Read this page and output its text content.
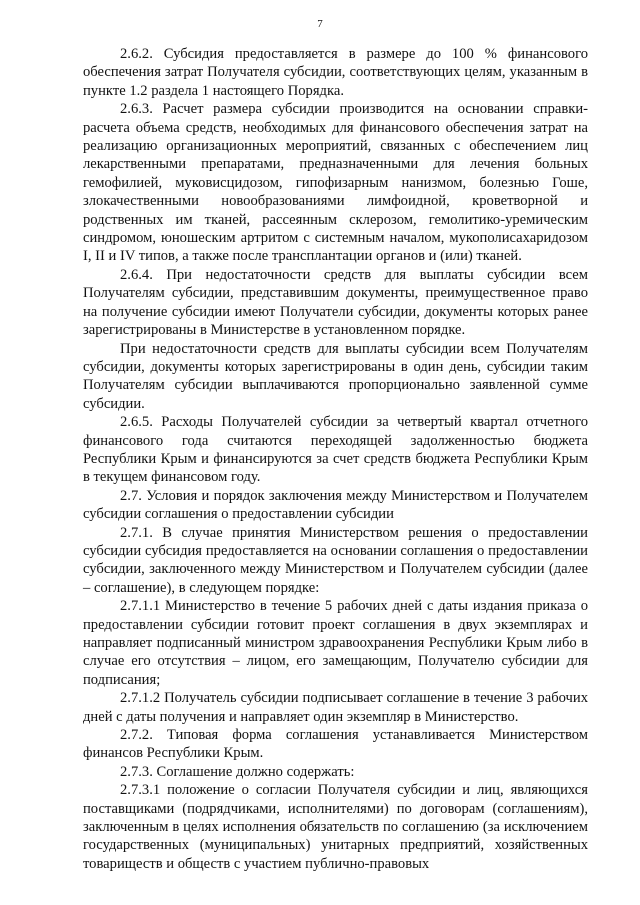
7

2.6.2. Субсидия предоставляется в размере до 100 % финансового обеспечения затрат Получателя субсидии, соответствующих целям, указанным в пункте 1.2 раздела 1 настоящего Порядка.

2.6.3. Расчет размера субсидии производится на основании справки-расчета объема средств, необходимых для финансового обеспечения затрат на реализацию организационных мероприятий, связанных с обеспечением лиц лекарственными препаратами, предназначенными для лечения больных гемофилией, муковисцидозом, гипофизарным нанизмом, болезнью Гоше, злокачественными новообразованиями лимфоидной, кроветворной и родственных им тканей, рассеянным склерозом, гемолитико-уремическим синдромом, юношеским артритом с системным началом, мукополисахаридозом I, II и IV типов, а также после трансплантации органов и (или) тканей.

2.6.4. При недостаточности средств для выплаты субсидии всем Получателям субсидии, представившим документы, преимущественное право на получение субсидии имеют Получатели субсидии, документы которых ранее зарегистрированы в Министерстве в установленном порядке.

При недостаточности средств для выплаты субсидии всем Получателям субсидии, документы которых зарегистрированы в один день, субсидии таким Получателям субсидии выплачиваются пропорционально заявленной сумме субсидии.

2.6.5. Расходы Получателей субсидии за четвертый квартал отчетного финансового года считаются переходящей задолженностью бюджета Республики Крым и финансируются за счет средств бюджета Республики Крым в текущем финансовом году.

2.7. Условия и порядок заключения между Министерством и Получателем субсидии соглашения о предоставлении субсидии

2.7.1. В случае принятия Министерством решения о предоставлении субсидии субсидия предоставляется на основании соглашения о предоставлении субсидии, заключенного между Министерством и Получателем субсидии (далее – соглашение), в следующем порядке:

2.7.1.1 Министерство в течение 5 рабочих дней с даты издания приказа о предоставлении субсидии готовит проект соглашения в двух экземплярах и направляет подписанный министром здравоохранения Республики Крым либо в случае его отсутствия – лицом, его замещающим, Получателю субсидии для подписания;

2.7.1.2 Получатель субсидии подписывает соглашение в течение 3 рабочих дней с даты получения и направляет один экземпляр в Министерство.

2.7.2. Типовая форма соглашения устанавливается Министерством финансов Республики Крым.

2.7.3. Соглашение должно содержать:

2.7.3.1 положение о согласии Получателя субсидии и лиц, являющихся поставщиками (подрядчиками, исполнителями) по договорам (соглашениям), заключенным в целях исполнения обязательств по соглашению (за исключением государственных (муниципальных) унитарных предприятий, хозяйственных товариществ и обществ с участием публично-правовых
